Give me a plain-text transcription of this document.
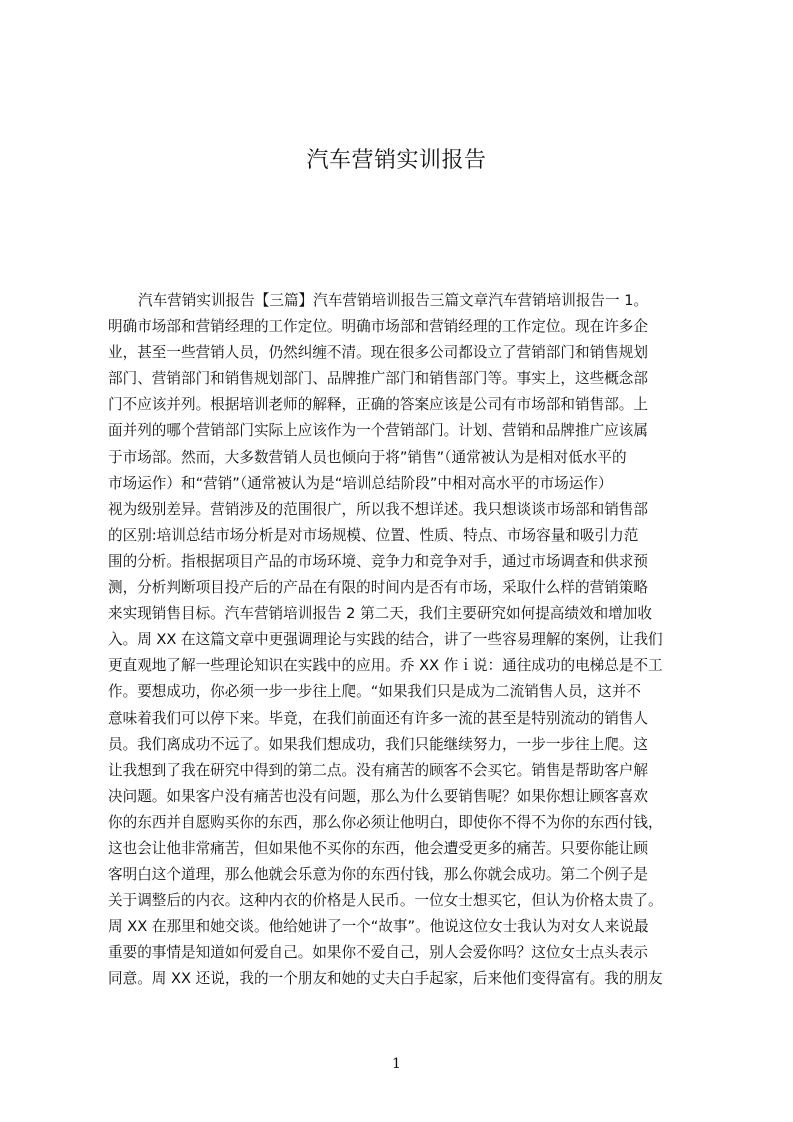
汽车营销实训报告
汽车营销实训报告【三篇】汽车营销培训报告三篇文章汽车营销培训报告一 1。
明确市场部和营销经理的工作定位。明确市场部和营销经理的工作定位。现在许多企
业，甚至一些营销人员，仍然纠缠不清。现在很多公司都设立了营销部门和销售规划
部门、营销部门和销售规划部门、品牌推广部门和销售部门等。事实上，这些概念部
门不应该并列。根据培训老师的解释，正确的答案应该是公司有市场部和销售部。上
面并列的哪个营销部门实际上应该作为一个营销部门。计划、营销和品牌推广应该属
于市场部。然而，大多数营销人员也倾向于将”销售”（通常被认为是相对低水平的
市场运作）和“营销”（通常被认为是“培训总结阶段”中相对高水平的市场运作）
视为级别差异。营销涉及的范围很广，所以我不想详述。我只想谈谈市场部和销售部
的区别:培训总结市场分析是对市场规模、位置、性质、特点、市场容量和吸引力范
围的分析。指根据项目产品的市场环境、竞争力和竞争对手，通过市场调查和供求预
测，分析判断项目投产后的产品在有限的时间内是否有市场，采取什么样的营销策略
来实现销售目标。汽车营销培训报告 2 第二天，我们主要研究如何提高绩效和增加收
入。周 XX 在这篇文章中更强调理论与实践的结合，讲了一些容易理解的案例，让我们
更直观地了解一些理论知识在实践中的应用。乔 XX 作ｉ说：通往成功的电梯总是不工
作。要想成功，你必须一步一步往上爬。“如果我们只是成为二流销售人员，这并不
意味着我们可以停下来。毕竟，在我们前面还有许多一流的甚至是特别流动的销售人
员。我们离成功不远了。如果我们想成功，我们只能继续努力，一步一步往上爬。这
让我想到了我在研究中得到的第二点。没有痛苦的顾客不会买它。销售是帮助客户解
决问题。如果客户没有痛苦也没有问题，那么为什么要销售呢？如果你想让顾客喜欢
你的东西并自愿购买你的东西，那么你必须让他明白，即使你不得不为你的东西付钱，
这也会让他非常痛苦，但如果他不买你的东西，他会遭受更多的痛苦。只要你能让顾
客明白这个道理，那么他就会乐意为你的东西付钱，那么你就会成功。第二个例子是
关于调整后的内衣。这种内衣的价格是人民币。一位女士想买它，但认为价格太贵了。
周 XX 在那里和她交谈。他给她讲了一个“故事”。他说这位女士我认为对女人来说最
重要的事情是知道如何爱自己。如果你不爱自己，别人会爱你吗？这位女士点头表示
同意。周 XX 还说，我的一个朋友和她的丈夫白手起家，后来他们变得富有。我的朋友
1
